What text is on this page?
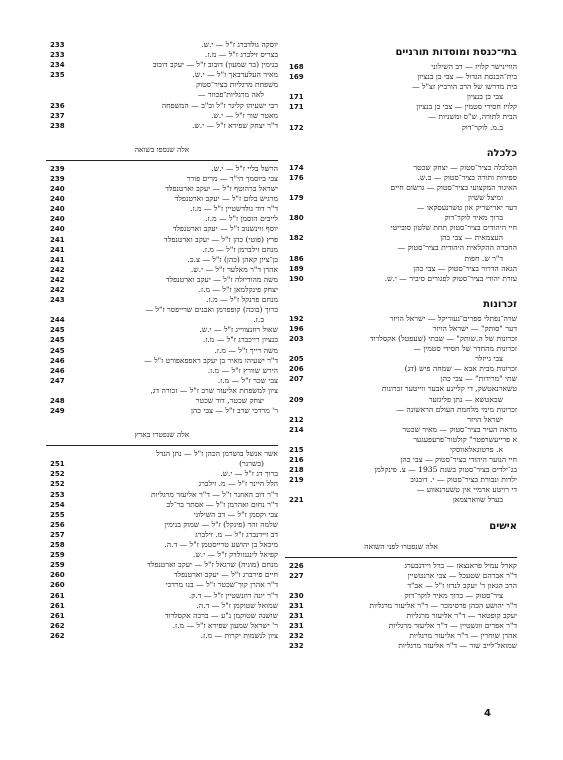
בתי־כנסת ומוסדות תורניים
168	הוויינישר קלויז — דב השילוני
169	בית־הכנסת הגדול — צבי בן בנציון
בית מדרשו של הרב הורביץ זצ"ל —
171	צבי בן בנציון
171	קלויז חסידי סטמין — צבי בן בנציון
הבית לתורה, ש"ס ומשניות —
172	ב.מ. לוקר־דוק
כלכלה
174	הכלכלה בציר־סטוק — יצחק שכטר
176	ספירות ותורה בציר־סטוק — ב.ש.
האיגוד המקצועי בציר־סטוק — גרשום חיים
179	ומיצל ששיון
דער יארישריק און טשרנעסקאו —
180	ברוך מאיר לוקר־דוק
חיי היהודים בציר־סטוק תחת שלטון סובייטי
182	העצמאית — צבי כהן
החברה ההקלאית היהודית בציר־סטוק —
186	ד"ר ש. חפות
189	הגאה הדרור בציר־סטוק — צבי כהן
190	עזרת יהודי בציר־סטוק לפגורים סיביר — י.ש.
זכרונות
192	שרה־נפתלי ספרים־נעוריקל — ישראל הויזר
196	דער "סותק" — ישראל הויזר
203	זכרונות של ה.שותק" — שבתי (שעפטל) אקסלרוד
זכרונות מהחדר של חסידי סטמין —
205	צבי גייזלר
206	זכרונות מבית אבא — שמחה פיש (דג)
207	שתי "מרידות" — צבי כהן
טשארנאטשק, די קליינע אבער ווייטער זכרונות
209	שכאטשא — נתן פליגזער
זכרונות מימי מלחמת העולם הראשונה —
212	ישראל הויזר
214	מראה העיר בציר־סטוק — מאיר שכטר
א פרייעשרפטר" קולטור־פרעפעגער
215	א. פרטוגאלאווסקי
216	חיי הנוער היהודי בציר־סטוק — צבי כהן
218	בג־ילדים בציר־סטוק בשנת 1935 — צ. פינקלמן
219	ילדות ונבורת בציר־סטוק — י. דובנוב
די רויטע ארמיי אין טשערנאווע —
221	בערל שווארצמאן
אישים
אלה שנפטרו לפני השואה
226	קארל עמיל פראנצאז — ברל ויידנבערג
227	ד"ר אברהם שטעכל — צבי ארנטשיין
הרב הגאון ר' יעקב לנדזו ז"ל — אב"ד
230	ציר־סטוק — ברוך מאיר לוקר־דוק
231	ד"ר יהושע הכהן פרסימכר — ד"ר אליעזר מרגליות
231	יעקב קופטאר — ד"ר אליעזר מרגליות
231	ד"ר אפרים ווגשטיין — ד"ר אליעזר מרגליות
232	אהרן שוחרין — ד"ר אליעזר מרגליות
232	שמואל־לייב שור — ד"ר אליעזר מרגליות
233	יוסקה גולדברג ז"ל — י.ש.
233	בצריס זילברג ז"ל — מ.ז.
234	בנימין (בר שמעון) דובוב ז"ל — יעקב דובוב
235	מאיר העלערבאך ז"ל — י.ש.
משפחת מרגליות בציר־סטוק
לאה מרגליות־פכוזר —
236	רבי ישעיהו קליגר ז"ל וב"ב — המשפחה
237	מאטר שור ז"ל — י.ש.
238	ד"ר יצחק שפירא ז"ל — י.ש.
אלה שנספו בשואה
239	הרשל בליי ז"ל — י.ש.
239	צבי ביוסמך הי"ד — מרים פורר
240	ישראל ברהוטף ז"ל — יעקב וארטנפלד
240	מרגיש בלום ז"ל — יעקב וארטנפלד
240	ד"ר דוד גולדשטיין ז"ל — מ.ז.
240	לייבים הוסמן ז"ל — מ.ז.
240	יוסף ווינשנוב ז"ל — יעקב וארטנפלד
241	פרץ (פוטי) כהן ז"ל — יעקב וארטנפלד
241	מנחם זילברמן ז"ל — מ.ז.
241	בן־ציון קאהן (כהן) ז"ל — צ.כ.
242	אהרן ד"ר מאלער ז"ל — י.ש.
242	משה מהודיזלה ז"ל — יעקב וארטנפלד
242	יצחק פינקלמאן ז"ל — מ.ז.
243	מנחם פרנקל ז"ל — מ.ז.
ברוך (בוכה) קופפרמן ואבנים שרייפסר ז"ל —
244	ב.ז.
245	שאול רוזנצווייג ז"ל — י.ש.
245	בנציון רייכברג ז"ל — מ.ז.
245	משה רייך ז"ל — מ.ז.
246	ד"ר ישעיהו מאיר בן יעקב ראפפאפורט ז"ל —
246	הירש שוורץ ז"ל — מ.ז.
247	צבי שכר ז"ל — מ.ז.
ציון למשפחת אליעזר שרב ז"ל — זכורה דג,
248	יצחק שכטר, דוד שכטר
249	ר' מרדכי שרב ז"ל — צבי כהן
אלה שנפטרו בארץ
אשר אנשל בושרמן הכהן ז"ל — נתן הנדל
251	(בשרנר)
252	ברוך דג ז"ל — י.ש.
252	הלל היינר ז"ל — מ. זילברג
253	ד"ר דוב האוזנר ז"ל — ד"ר אליעזר מרגליות
254	ד"ר נחום ואהרמן ז"ל — אסתר בר־לב
255	צבי וקסמן ז"ל — דב השילוני
256	שלמה זהר (פינקל) ז"ל — שמוק בנימין
257	דב זיידנברג ז"ל — מ. זילברג
258	מיכאל בן יהושע טרייסטמן ז"ל — ד.ה.
259	קפיאל לינגנזולדק ז"ל — י.ש.
259	מנחם (מוניה) שרגאל ז"ל — יעקב וארטנפלד
260	חיים פירברג ז"ל — יעקב וארטנפלד
260	ד"ר אהרן קוך־שכטר ז"ל — בנו מרדכי
261	ד"ר יונה רוזנשטיין ז"ל — ד.ק.
261	שמואל שטוקמן ז"ל — ד.ה.
261	שושנה שטוקמן נ"ע — ברכה אקסלרוד
262	ר' ישראל שמעון שפירא ז"ל — מ.ז.
262	ציון לנשמות יקרות — מ.ז.
4
